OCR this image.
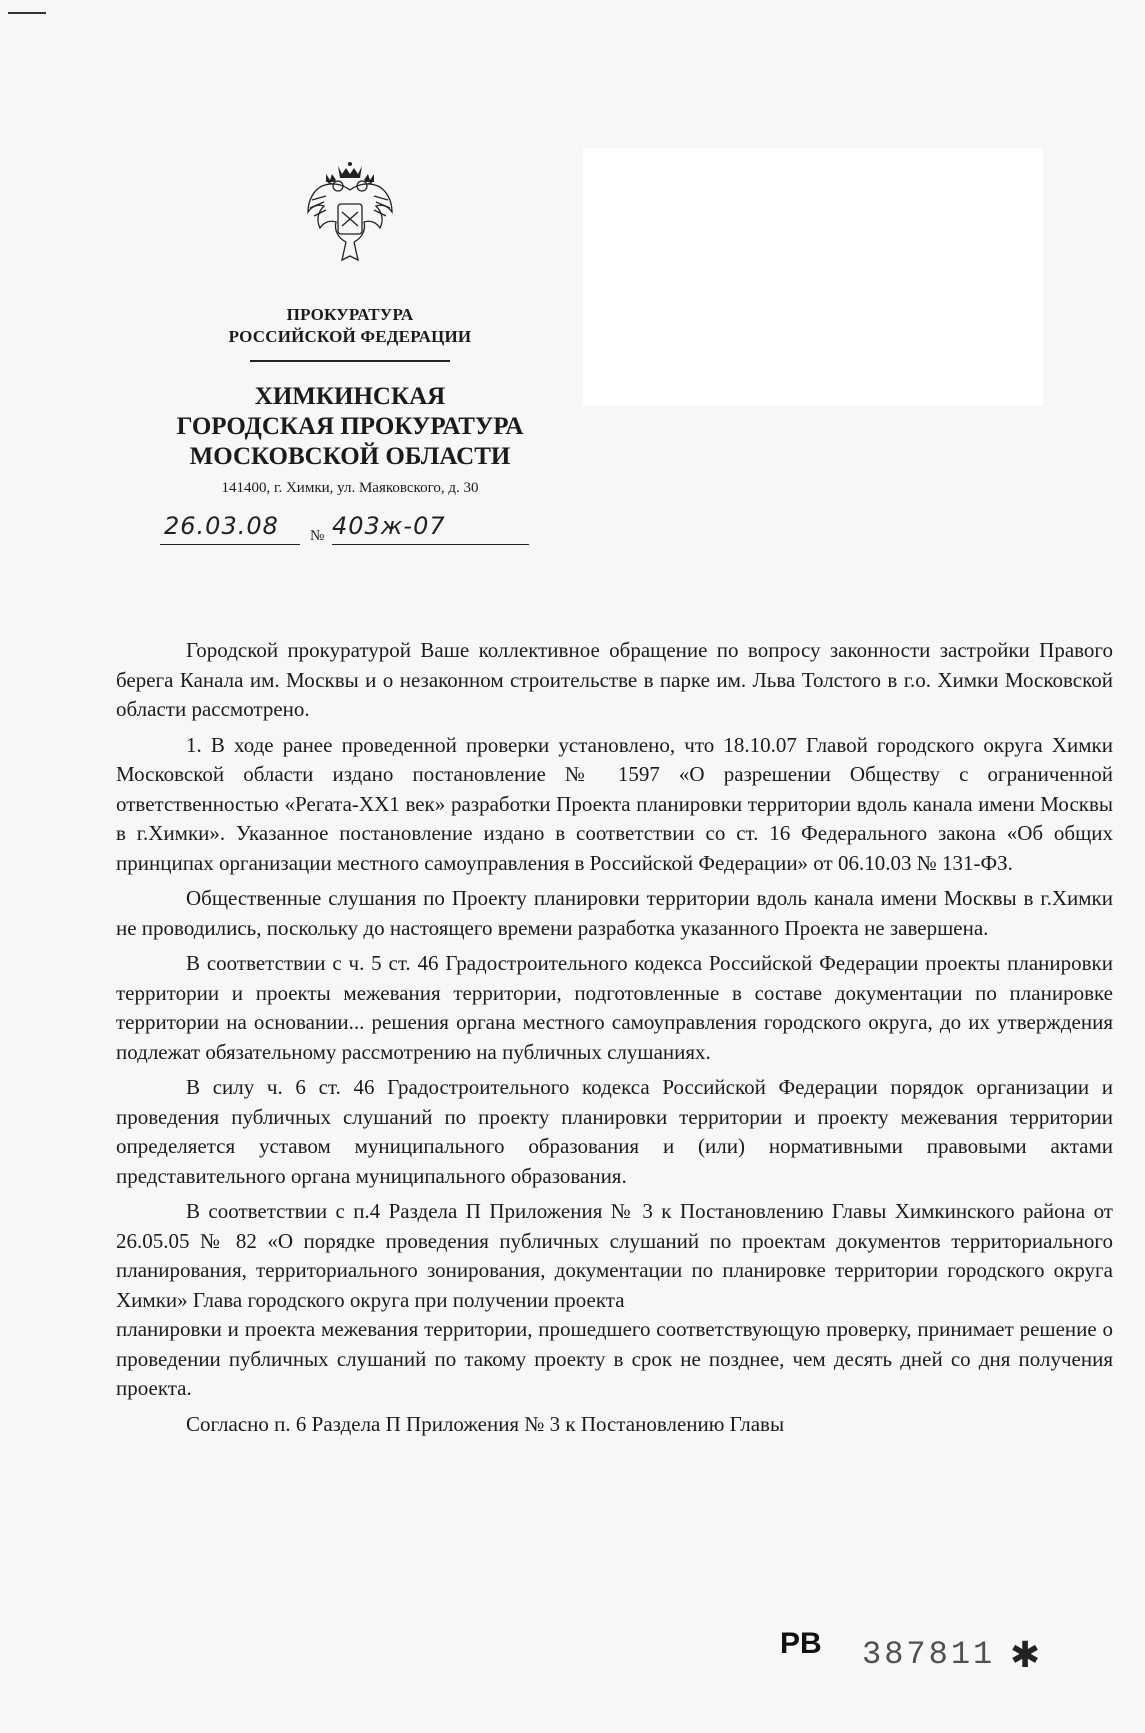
ПРОКУРАТУРА
РОССИЙСКОЙ ФЕДЕРАЦИИ
ХИМКИНСКАЯ
ГОРОДСКАЯ ПРОКУРАТУРА
МОСКОВСКОЙ ОБЛАСТИ
141400, г. Химки, ул. Маяковского, д. 30
26.03.08 № 403ж-07

Городской прокуратурой Ваше коллективное обращение по вопросу законности застройки Правого берега Канала им. Москвы и о незаконном строительстве в парке им. Льва Толстого в г.о. Химки Московской области рассмотрено.

1. В ходе ранее проведенной проверки установлено, что 18.10.07 Главой городского округа Химки Московской области издано постановление № 1597 «О разрешении Обществу с ограниченной ответственностью «Регата-XX1 век» разработки Проекта планировки территории вдоль канала имени Москвы в г.Химки». Указанное постановление издано в соответствии со ст. 16 Федерального закона «Об общих принципах организации местного самоуправления в Российской Федерации» от 06.10.03 № 131-ФЗ.

Общественные слушания по Проекту планировки территории вдоль канала имени Москвы в г.Химки не проводились, поскольку до настоящего времени разработка указанного Проекта не завершена.

В соответствии с ч. 5 ст. 46 Градостроительного кодекса Российской Федерации проекты планировки территории и проекты межевания территории, подготовленные в составе документации по планировке территории на основании... решения органа местного самоуправления городского округа, до их утверждения подлежат обязательному рассмотрению на публичных слушаниях.

В силу ч. 6 ст. 46 Градостроительного кодекса Российской Федерации порядок организации и проведения публичных слушаний по проекту планировки территории и проекту межевания территории определяется уставом муниципального образования и (или) нормативными правовыми актами представительного органа муниципального образования.

В соответствии с п.4 Раздела П Приложения № 3 к Постановлению Главы Химкинского района от 26.05.05 № 82 «О порядке проведения публичных слушаний по проектам документов территориального планирования, территориального зонирования, документации по планировке территории городского округа Химки» Глава городского округа при получении проекта

планировки и проекта межевания территории, прошедшего соответствующую проверку, принимает решение о проведении публичных слушаний по такому проекту в срок не позднее, чем десять дней со дня получения проекта.

Согласно п. 6 Раздела П Приложения № 3 к Постановлению Главы

РВ 387811 ✱
